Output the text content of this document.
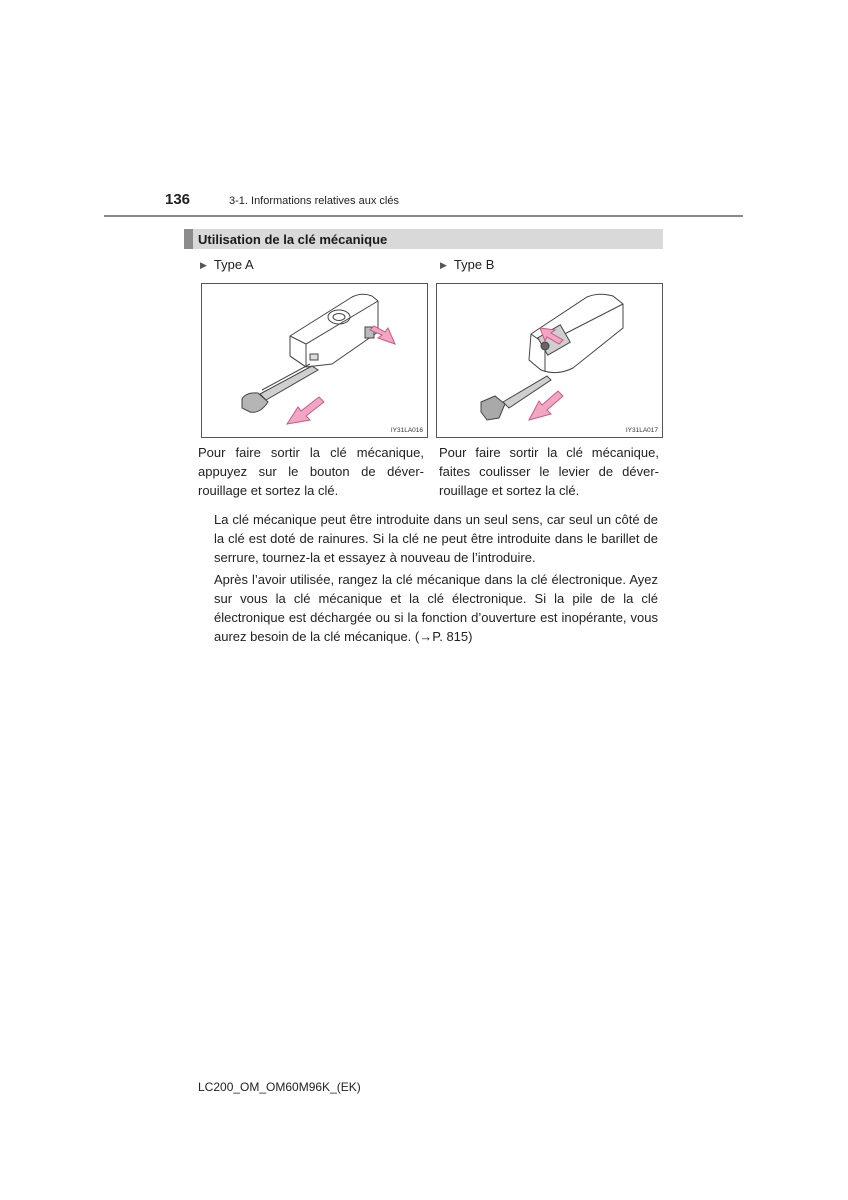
136	3-1. Informations relatives aux clés
Utilisation de la clé mécanique
▶ Type A	▶ Type B
IY31LA016	IY31LA017
Pour faire sortir la clé mécanique, appuyez sur le bouton de déver-rouillage et sortez la clé.
Pour faire sortir la clé mécanique, faites coulisser le levier de déver-rouillage et sortez la clé.
La clé mécanique peut être introduite dans un seul sens, car seul un côté de la clé est doté de rainures. Si la clé ne peut être introduite dans le barillet de serrure, tournez-la et essayez à nouveau de l’introduire.
Après l’avoir utilisée, rangez la clé mécanique dans la clé électronique. Ayez sur vous la clé mécanique et la clé électronique. Si la pile de la clé électronique est déchargée ou si la fonction d’ouverture est inopérante, vous aurez besoin de la clé mécanique. (→P. 815)
LC200_OM_OM60M96K_(EK)
